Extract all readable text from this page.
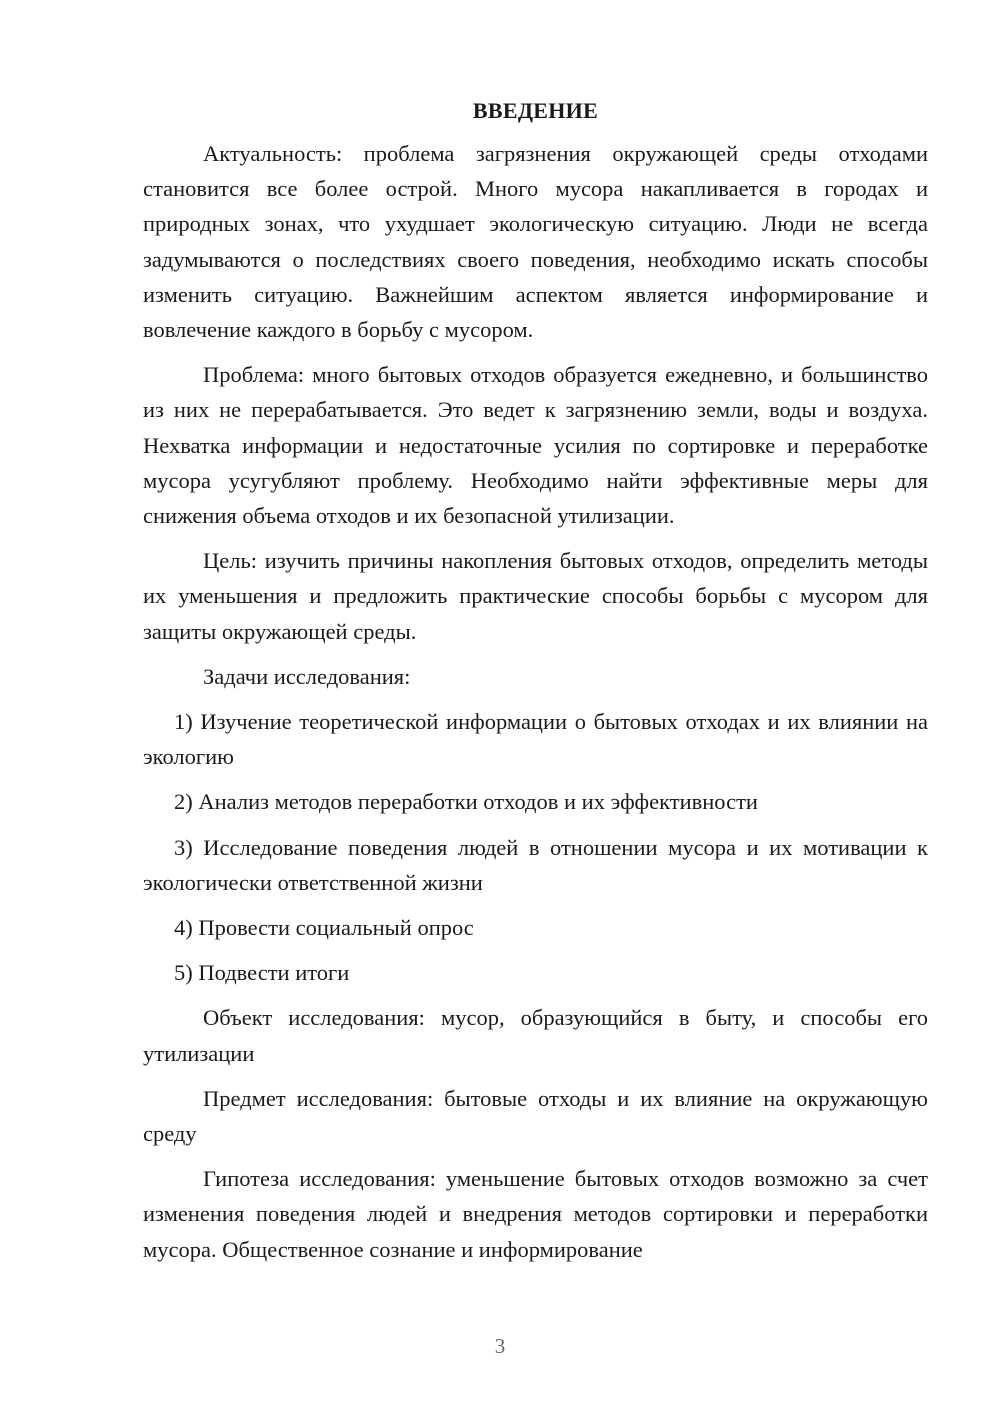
ВВЕДЕНИЕ

Актуальность: проблема загрязнения окружающей среды отходами становится все более острой. Много мусора накапливается в городах и природных зонах, что ухудшает экологическую ситуацию. Люди не всегда задумываются о последствиях своего поведения, необходимо искать способы изменить ситуацию. Важнейшим аспектом является информирование и вовлечение каждого в борьбу с мусором.

Проблема: много бытовых отходов образуется ежедневно, и большинство из них не перерабатывается. Это ведет к загрязнению земли, воды и воздуха. Нехватка информации и недостаточные усилия по сортировке и переработке мусора усугубляют проблему. Необходимо найти эффективные меры для снижения объема отходов и их безопасной утилизации.

Цель: изучить причины накопления бытовых отходов, определить методы их уменьшения и предложить практические способы борьбы с мусором для защиты окружающей среды.

Задачи исследования:

1) Изучение теоретической информации о бытовых отходах и их влиянии на экологию

2) Анализ методов переработки отходов и их эффективности

3) Исследование поведения людей в отношении мусора и их мотивации к экологически ответственной жизни

4) Провести социальный опрос

5) Подвести итоги

Объект исследования: мусор, образующийся в быту, и способы его утилизации

Предмет исследования: бытовые отходы и их влияние на окружающую среду

Гипотеза исследования: уменьшение бытовых отходов возможно за счет изменения поведения людей и внедрения методов сортировки и переработки мусора. Общественное сознание и информирование

3
